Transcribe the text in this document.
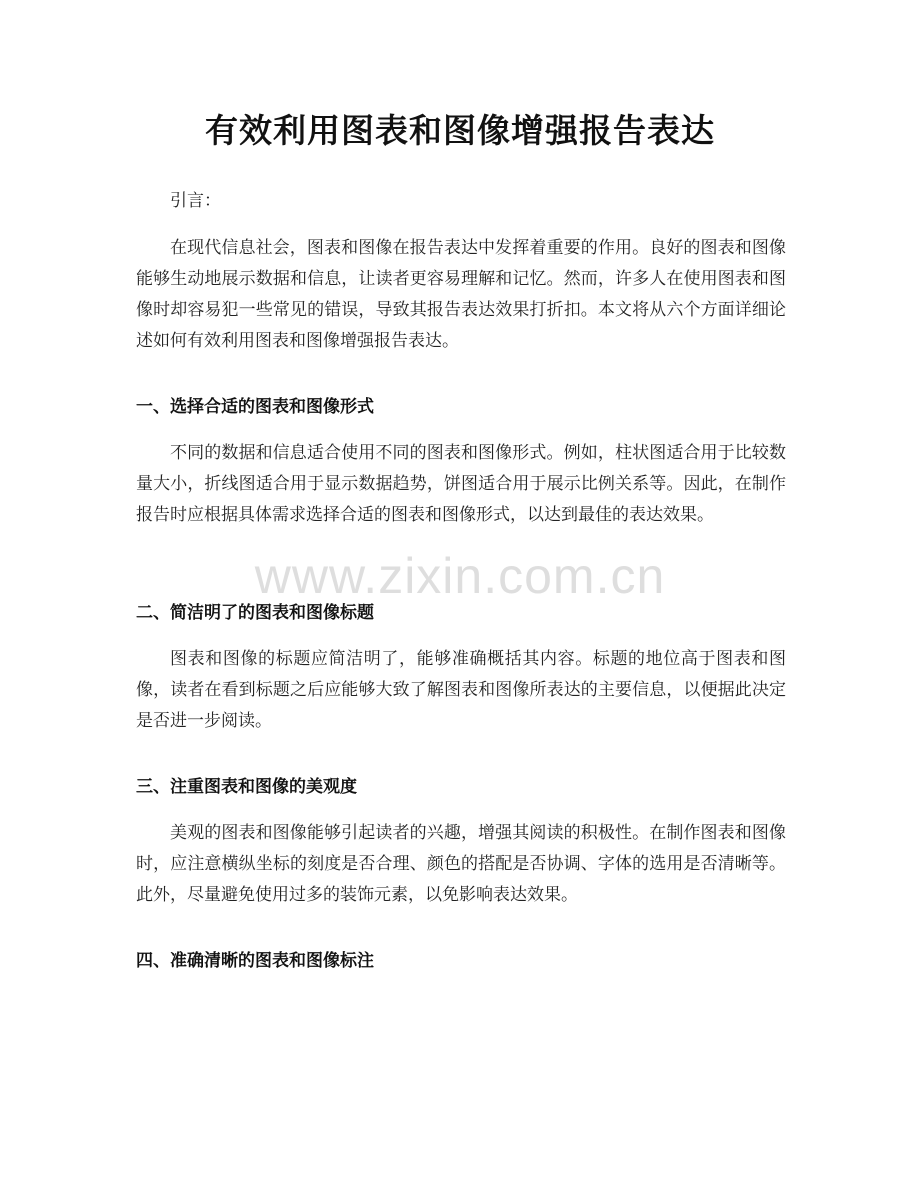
有效利用图表和图像增强报告表达
引言：

在现代信息社会，图表和图像在报告表达中发挥着重要的作用。良好的图表和图像能够生动地展示数据和信息，让读者更容易理解和记忆。然而，许多人在使用图表和图像时却容易犯一些常见的错误，导致其报告表达效果打折扣。本文将从六个方面详细论述如何有效利用图表和图像增强报告表达。

一、选择合适的图表和图像形式

不同的数据和信息适合使用不同的图表和图像形式。例如，柱状图适合用于比较数量大小，折线图适合用于显示数据趋势，饼图适合用于展示比例关系等。因此，在制作报告时应根据具体需求选择合适的图表和图像形式，以达到最佳的表达效果。

二、简洁明了的图表和图像标题

图表和图像的标题应简洁明了，能够准确概括其内容。标题的地位高于图表和图像，读者在看到标题之后应能够大致了解图表和图像所表达的主要信息，以便据此决定是否进一步阅读。

三、注重图表和图像的美观度

美观的图表和图像能够引起读者的兴趣，增强其阅读的积极性。在制作图表和图像时，应注意横纵坐标的刻度是否合理、颜色的搭配是否协调、字体的选用是否清晰等。此外，尽量避免使用过多的装饰元素，以免影响表达效果。

四、准确清晰的图表和图像标注
www.zixin.com.cn
